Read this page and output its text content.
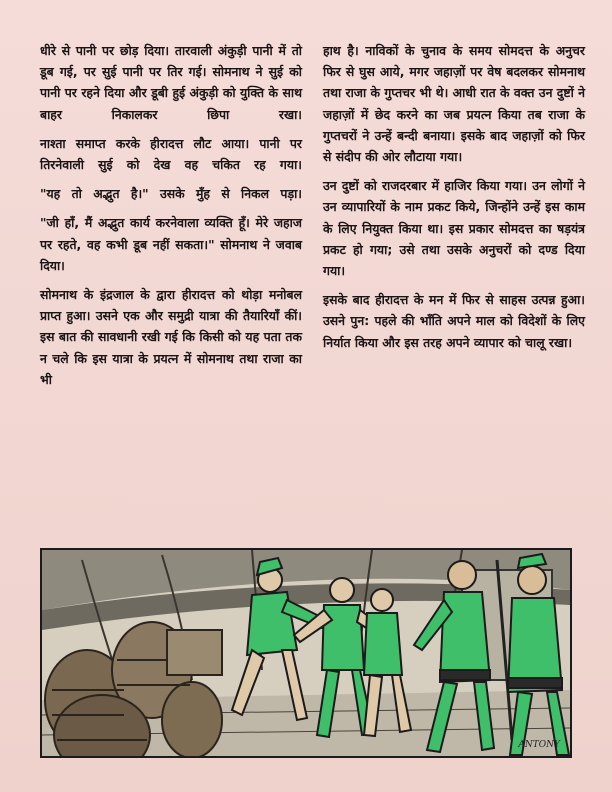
धीरे से पानी पर छोड़ दिया। तारवाली अंकुड़ी पानी में तो डूब गई, पर सुई पानी पर तिर गई। सोमनाथ ने सुई को पानी पर रहने दिया और डूबी हुई अंकुड़ी को युक्ति के साथ बाहर निकालकर छिपा रखा।

नाश्ता समाप्त करके हीरादत्त लौट आया। पानी पर तिरनेवाली सुई को देख वह चकित रह गया।

"यह तो अद्भुत है।" उसके मुँह से निकल पड़ा।

"जी हाँ, मैं अद्भुत कार्य करनेवाला व्यक्ति हूँ। मेरे जहाज पर रहते, वह कभी डूब नहीं सकता।" सोमनाथ ने जवाब दिया।

सोमनाथ के इंद्रजाल के द्वारा हीरादत्त को थोड़ा मनोबल प्राप्त हुआ। उसने एक और समुद्री यात्रा की तैयारियाँ कीं। इस बात की सावधानी रखी गई कि किसी को यह पता तक न चले कि इस यात्रा के प्रयत्न में सोमनाथ तथा राजा का भी

हाथ है। नाविकों के चुनाव के समय सोमदत्त के अनुचर फिर से घुस आये, मगर जहाज़ों पर वेष बदलकर सोमनाथ तथा राजा के गुप्तचर भी थे। आधी रात के वक्त उन दुष्टों ने जहाज़ों में छेद करने का जब प्रयत्न किया तब राजा के गुप्तचरों ने उन्हें बन्दी बनाया। इसके बाद जहाज़ों को फिर से संदीप की ओर लौटाया गया।

उन दुष्टों को राजदरबार में हाजिर किया गया। उन लोगों ने उन व्यापारियों के नाम प्रकट किये, जिन्होंने उन्हें इस काम के लिए नियुक्त किया था। इस प्रकार सोमदत्त का षड़यंत्र प्रकट हो गया; उसे तथा उसके अनुचरों को दण्ड दिया गया।

इसके बाद हीरादत्त के मन में फिर से साहस उत्पन्न हुआ। उसने पुन: पहले की भाँति अपने माल को विदेशों के लिए निर्यात किया और इस तरह अपने व्यापार को चालू रखा।

ANTONY
